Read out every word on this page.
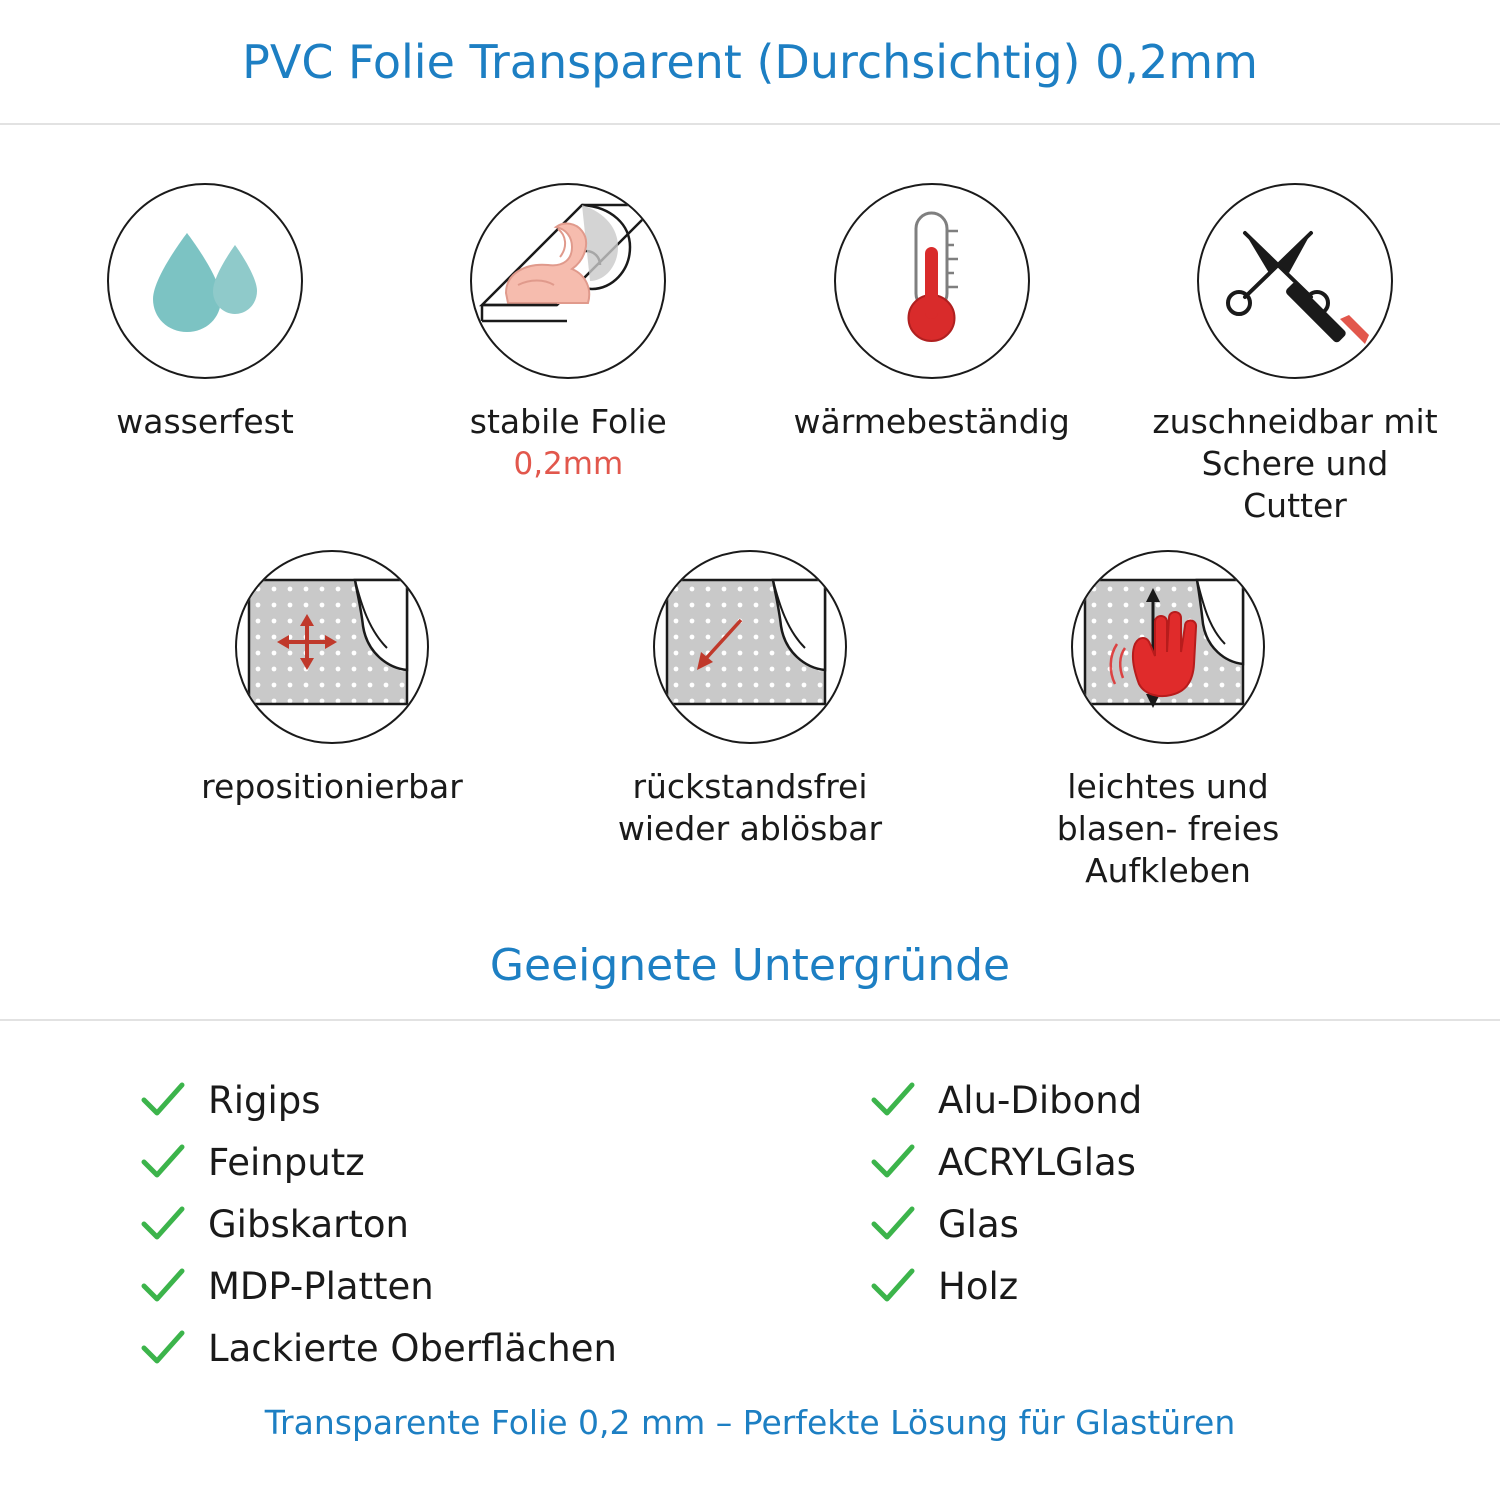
PVC Folie Transparent (Durchsichtig) 0,2mm
wasserfest	stabile Folie
0,2mm
wärmebeständig	zuschneidbar mit Schere und Cutter
repositionierbar	rückstandsfrei wieder ablösbar
leichtes und blasen- freies Aufkleben
Geeignete Untergründe
Rigips
Feinputz
Gibskarton
MDP-Platten
Lackierte Oberflächen
Alu-Dibond
ACRYLGlas
Glas
Holz
Transparente Folie 0,2 mm – Perfekte Lösung für Glastüren
